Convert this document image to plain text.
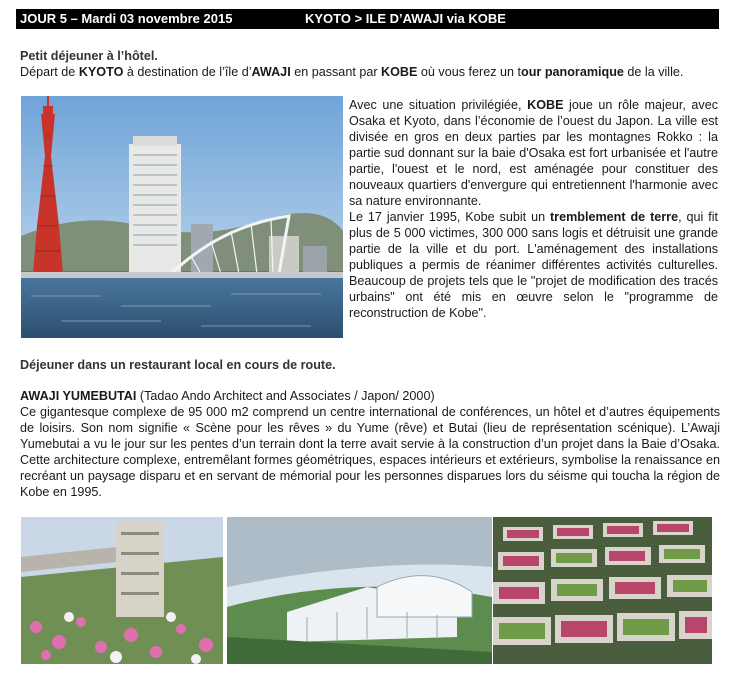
JOUR 5 – Mardi 03 novembre 2015	KYOTO > ILE D’AWAJI via KOBE
Petit déjeuner à l’hôtel.
Départ de KYOTO à destination de l’île d’AWAJI en passant par KOBE où vous ferez un tour panoramique de la ville.

Avec une situation privilégiée, KOBE joue un rôle majeur, avec Osaka et Kyoto, dans l’économie de l’ouest du Japon. La ville est divisée en gros en deux parties par les montagnes Rokko : la partie sud donnant sur la baie d'Osaka est fort urbanisée et l'autre partie, l'ouest et le nord, est aménagée pour constituer des nouveaux quartiers d'envergure qui entretiennent l'harmonie avec sa nature environnante.

Le 17 janvier 1995, Kobe subit un tremblement de terre, qui fit plus de 5 000 victimes, 300 000 sans logis et détruisit une grande partie de la ville et du port. L'aménagement des installations publiques a permis de réanimer différentes activités culturelles. Beaucoup de projets tels que le "projet de modification des tracés urbains" ont été mis en œuvre selon le "programme de reconstruction de Kobe".

Déjeuner dans un restaurant local en cours de route.
AWAJI YUMEBUTAI (Tadao Ando Architect and Associates / Japon/ 2000)
Ce gigantesque complexe de 95 000 m2 comprend un centre international de conférences, un hôtel et d’autres équipements de loisirs. Son nom signifie « Scène pour les rêves » du Yume (rêve) et Butai (lieu de représentation scénique). L’Awaji Yumebutai a vu le jour sur les pentes d’un terrain dont la terre avait servie à la construction d’un projet dans la Baie d’Osaka. Cette architecture complexe, entremêlant formes géométriques, espaces intérieurs et extérieurs, symbolise la renaissance en recréant un paysage disparu et en servant de mémorial pour les personnes disparues lors du séisme qui toucha la région de Kobe en 1995.
